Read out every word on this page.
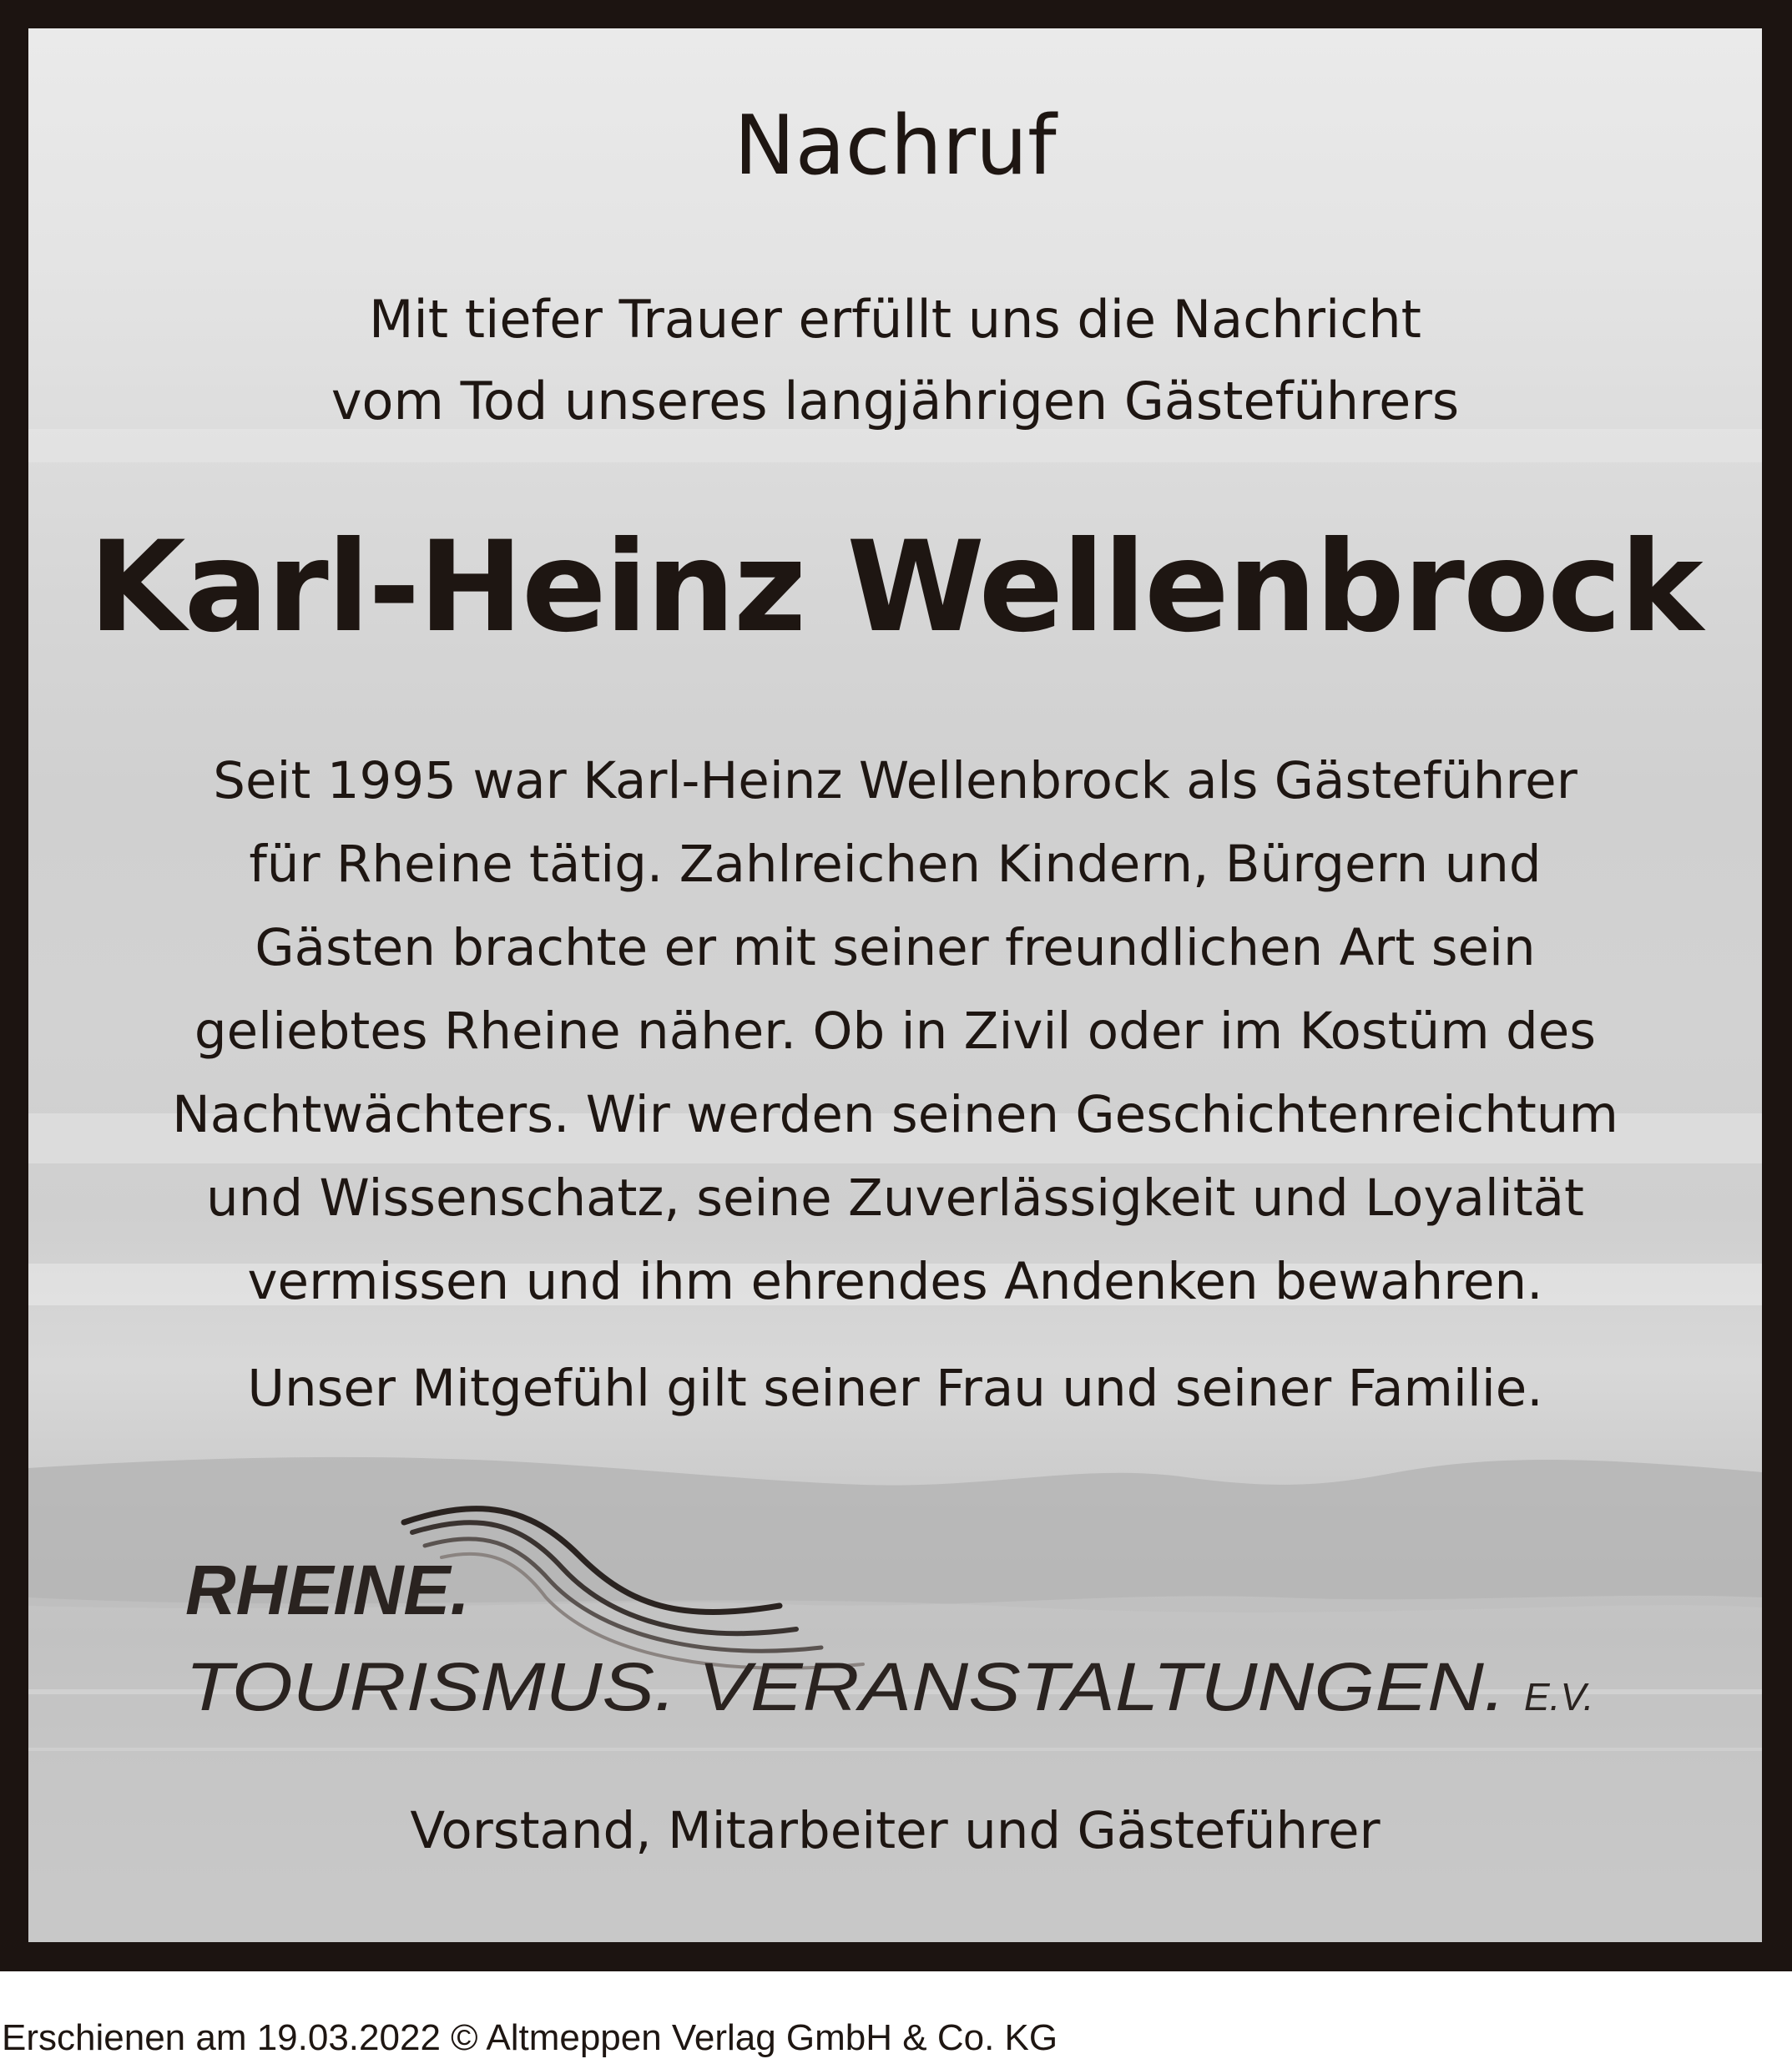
Nachruf

Mit tiefer Trauer erfüllt uns die Nachricht
vom Tod unseres langjährigen Gästeführers

Karl-Heinz Wellenbrock

Seit 1995 war Karl-Heinz Wellenbrock als Gästeführer
für Rheine tätig. Zahlreichen Kindern, Bürgern und
Gästen brachte er mit seiner freundlichen Art sein
geliebtes Rheine näher. Ob in Zivil oder im Kostüm des
Nachtwächters. Wir werden seinen Geschichtenreichtum
und Wissenschatz, seine Zuverlässigkeit und Loyalität
vermissen und ihm ehrendes Andenken bewahren.

Unser Mitgefühl gilt seiner Frau und seiner Familie.

RHEINE.
TOURISMUS. VERANSTALTUNGEN. E.V.

Vorstand, Mitarbeiter und Gästeführer

Erschienen am 19.03.2022 © Altmeppen Verlag GmbH & Co. KG
